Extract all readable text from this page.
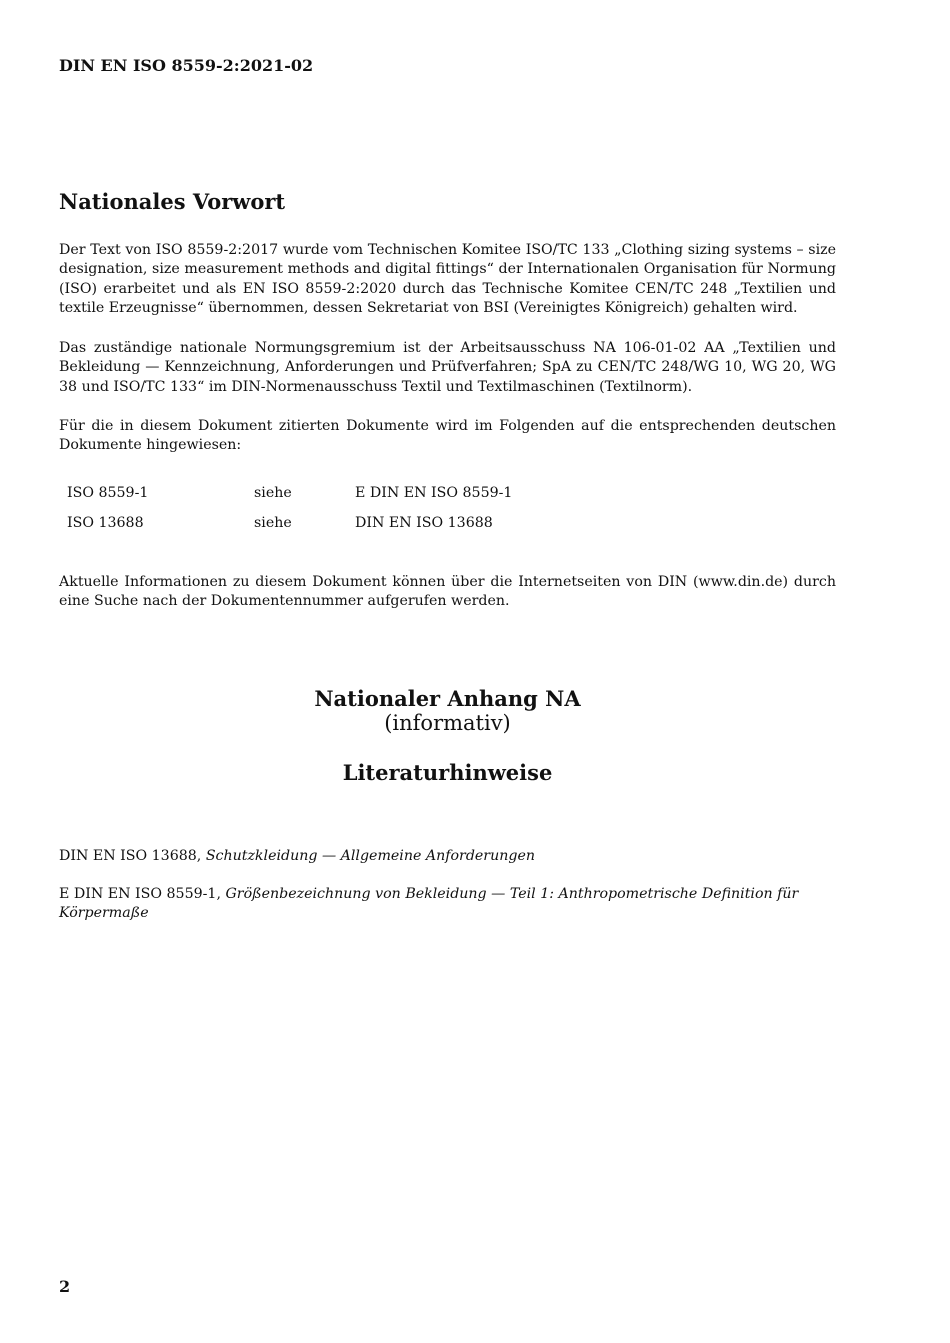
DIN EN ISO 8559-2:2021-02
Nationales Vorwort

Der Text von ISO 8559-2:2017 wurde vom Technischen Komitee ISO/TC 133 „Clothing sizing systems – size designation, size measurement methods and digital fittings“ der Internationalen Organisation für Normung (ISO) erarbeitet und als EN ISO 8559-2:2020 durch das Technische Komitee CEN/TC 248 „Textilien und textile Erzeugnisse“ übernommen, dessen Sekretariat von BSI (Vereinigtes Königreich) gehalten wird.

Das zuständige nationale Normungsgremium ist der Arbeitsausschuss NA 106-01-02 AA „Textilien und Bekleidung — Kennzeichnung, Anforderungen und Prüfverfahren; SpA zu CEN/TC 248/WG 10, WG 20, WG 38 und ISO/TC 133“ im DIN-Normenausschuss Textil und Textilmaschinen (Textilnorm).

Für die in diesem Dokument zitierten Dokumente wird im Folgenden auf die entsprechenden deutschen Dokumente hingewiesen:

ISO 8559-1	siehe	E DIN EN ISO 8559-1
ISO 13688	siehe	DIN EN ISO 13688

Aktuelle Informationen zu diesem Dokument können über die Internetseiten von DIN (www.din.de) durch eine Suche nach der Dokumentennummer aufgerufen werden.

Nationaler Anhang NA
(informativ)
Literaturhinweise

DIN EN ISO 13688, Schutzkleidung — Allgemeine Anforderungen

E DIN EN ISO 8559-1, Größenbezeichnung von Bekleidung — Teil 1: Anthropometrische Definition für Körpermaße

2
